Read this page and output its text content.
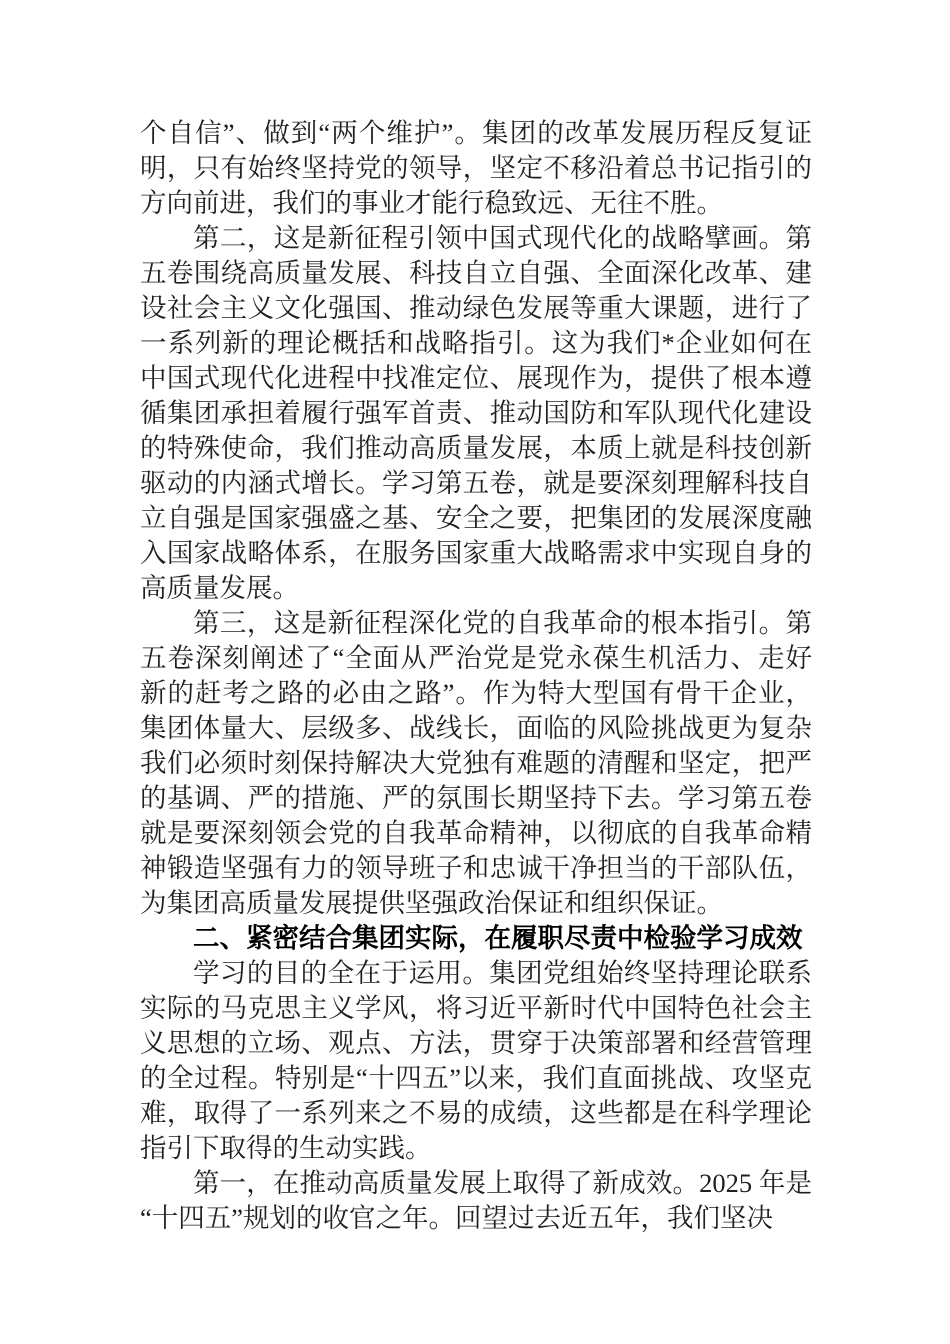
个自信”、做到“两个维护”。集团的改革发展历程反复证明，只有始终坚持党的领导，坚定不移沿着总书记指引的方向前进，我们的事业才能行稳致远、无往不胜。

第二，这是新征程引领中国式现代化的战略擘画。第五卷围绕高质量发展、科技自立自强、全面深化改革、建设社会主义文化强国、推动绿色发展等重大课题，进行了一系列新的理论概括和战略指引。这为我们*企业如何在中国式现代化进程中找准定位、展现作为，提供了根本遵循集团承担着履行强军首责、推动国防和军队现代化建设的特殊使命，我们推动高质量发展，本质上就是科技创新驱动的内涵式增长。学习第五卷，就是要深刻理解科技自立自强是国家强盛之基、安全之要，把集团的发展深度融入国家战略体系，在服务国家重大战略需求中实现自身的高质量发展。

第三，这是新征程深化党的自我革命的根本指引。第五卷深刻阐述了“全面从严治党是党永葆生机活力、走好新的赶考之路的必由之路”。作为特大型国有骨干企业，集团体量大、层级多、战线长，面临的风险挑战更为复杂我们必须时刻保持解决大党独有难题的清醒和坚定，把严的基调、严的措施、严的氛围长期坚持下去。学习第五卷就是要深刻领会党的自我革命精神，以彻底的自我革命精神锻造坚强有力的领导班子和忠诚干净担当的干部队伍，为集团高质量发展提供坚强政治保证和组织保证。

二、紧密结合集团实际，在履职尽责中检验学习成效

学习的目的全在于运用。集团党组始终坚持理论联系实际的马克思主义学风，将习近平新时代中国特色社会主义思想的立场、观点、方法，贯穿于决策部署和经营管理的全过程。特别是“十四五”以来，我们直面挑战、攻坚克难，取得了一系列来之不易的成绩，这些都是在科学理论指引下取得的生动实践。

第一，在推动高质量发展上取得了新成效。2025 年是“十四五”规划的收官之年。回望过去近五年，我们坚决
